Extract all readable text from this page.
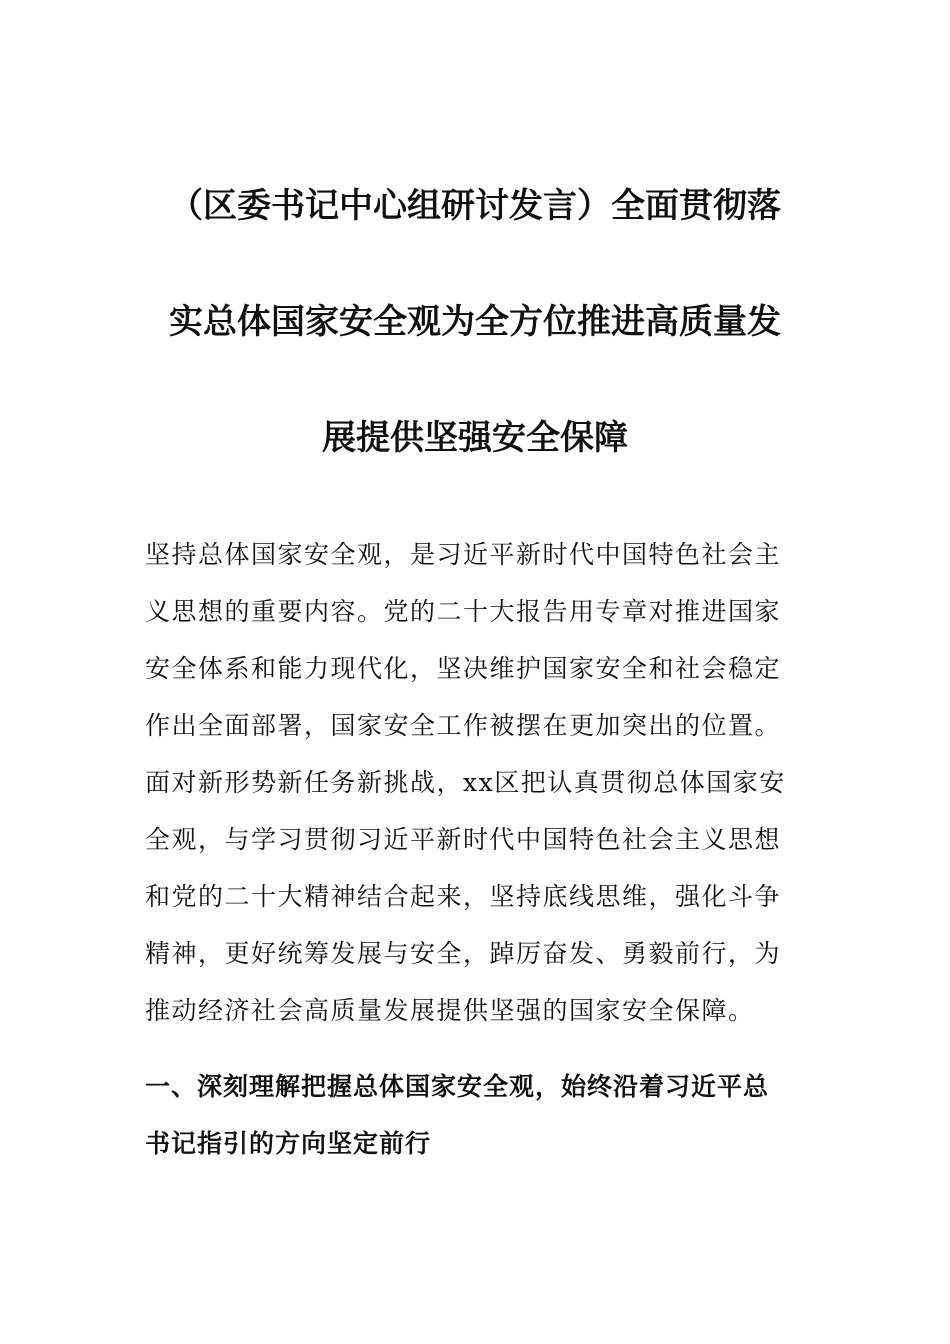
（区委书记中心组研讨发言）全面贯彻落
实总体国家安全观为全方位推进高质量发
展提供坚强安全保障

坚持总体国家安全观，是习近平新时代中国特色社会主
义思想的重要内容。党的二十大报告用专章对推进国家
安全体系和能力现代化，坚决维护国家安全和社会稳定
作出全面部署，国家安全工作被摆在更加突出的位置。
面对新形势新任务新挑战，xx区把认真贯彻总体国家安
全观，与学习贯彻习近平新时代中国特色社会主义思想
和党的二十大精神结合起来，坚持底线思维，强化斗争
精神，更好统筹发展与安全，踔厉奋发、勇毅前行，为
推动经济社会高质量发展提供坚强的国家安全保障。

一、深刻理解把握总体国家安全观，始终沿着习近平总
书记指引的方向坚定前行
